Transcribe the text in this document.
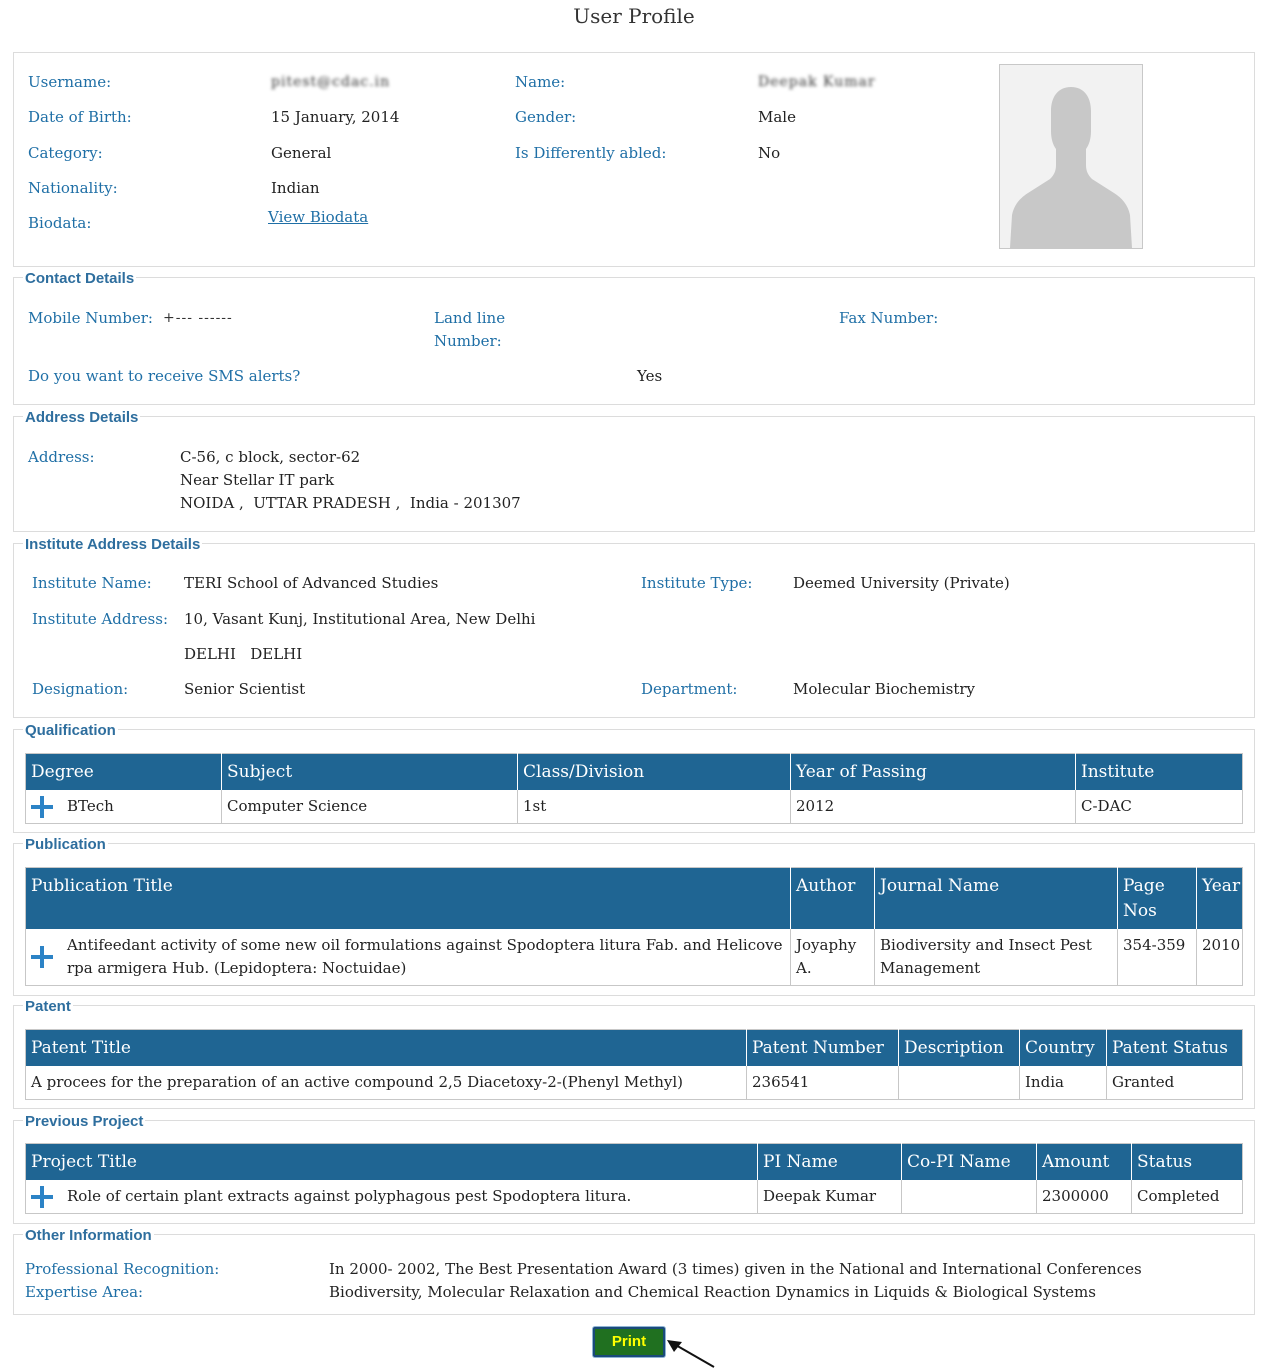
User Profile
Username:	pitest@cdac.in	Name:	Deepak Kumar
Date of Birth:	15 January, 2014	Gender:	Male
Category:	General	Is Differently abled:	No
Nationality:	Indian
Biodata:	View Biodata
Contact Details
Mobile Number: +--- ------	Land line
Number:
Fax Number:
Do you want to receive SMS alerts?	Yes
Address Details
Address:	C-56, c block, sector-62
Near Stellar IT park
NOIDA ,  UTTAR PRADESH ,  India - 201307
Institute Address Details
Institute Name: TERI School of Advanced Studies	Institute Type:	Deemed University (Private)
Institute Address: 10, Vasant Kunj, Institutional Area, New Delhi
DELHI   DELHI
Designation:	Senior Scientist	Department:	Molecular Biochemistry
Qualification
Degree	Subject	Class/Division	Year of Passing	Institute

BTech	Computer Science	1st	2012	C-DAC
Publication
Publication Title	Author	Journal Name	Page Nos	Year

Antifeedant activity of some new oil formulations against Spodoptera litura Fab. and Helicoverpa armigera Hub. (Lepidoptera: Noctuidae)	Joyaphy A.	Biodiversity and Insect Pest Management	354-359	2010
Patent
Patent Title	Patent Number	Description	Country	Patent Status
A procees for the preparation of an active compound 2,5 Diacetoxy-2-(Phenyl Methyl)	236541		India	Granted
Previous Project
Project Title	PI Name	Co-PI Name	Amount	Status

Role of certain plant extracts against polyphagous pest Spodoptera litura.	Deepak Kumar		2300000	Completed
Other Information
Professional Recognition:	In 2000- 2002, The Best Presentation Award (3 times) given in the National and International Conferences
Expertise Area:	Biodiversity, Molecular Relaxation and Chemical Reaction Dynamics in Liquids & Biological Systems
Print
